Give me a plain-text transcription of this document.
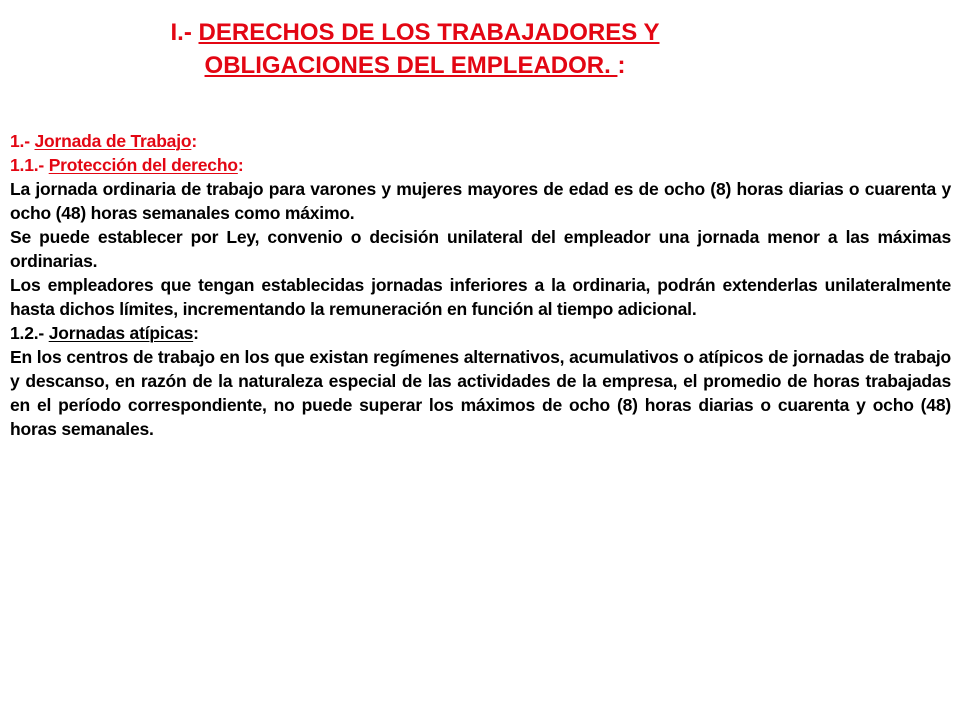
I.- DERECHOS DE LOS TRABAJADORES Y
OBLIGACIONES DEL EMPLEADOR. :

1.- Jornada de Trabajo:

1.1.- Protección del derecho:

La jornada ordinaria de trabajo para varones y mujeres mayores de edad es de ocho (8) horas diarias o cuarenta y ocho (48) horas semanales como máximo.

Se puede establecer por Ley, convenio o decisión unilateral del empleador una jornada menor a las máximas ordinarias.

Los empleadores que tengan establecidas jornadas inferiores a la ordinaria, podrán extenderlas unilateralmente hasta dichos límites, incrementando la remuneración en función al tiempo adicional.

1.2.- Jornadas atípicas:

En los centros de trabajo en los que existan regímenes alternativos, acumulativos o atípicos de jornadas de trabajo y descanso, en razón de la naturaleza especial de las actividades de la empresa, el promedio de horas trabajadas en el período correspondiente, no puede superar los máximos de ocho (8) horas diarias o cuarenta y ocho (48) horas semanales.
